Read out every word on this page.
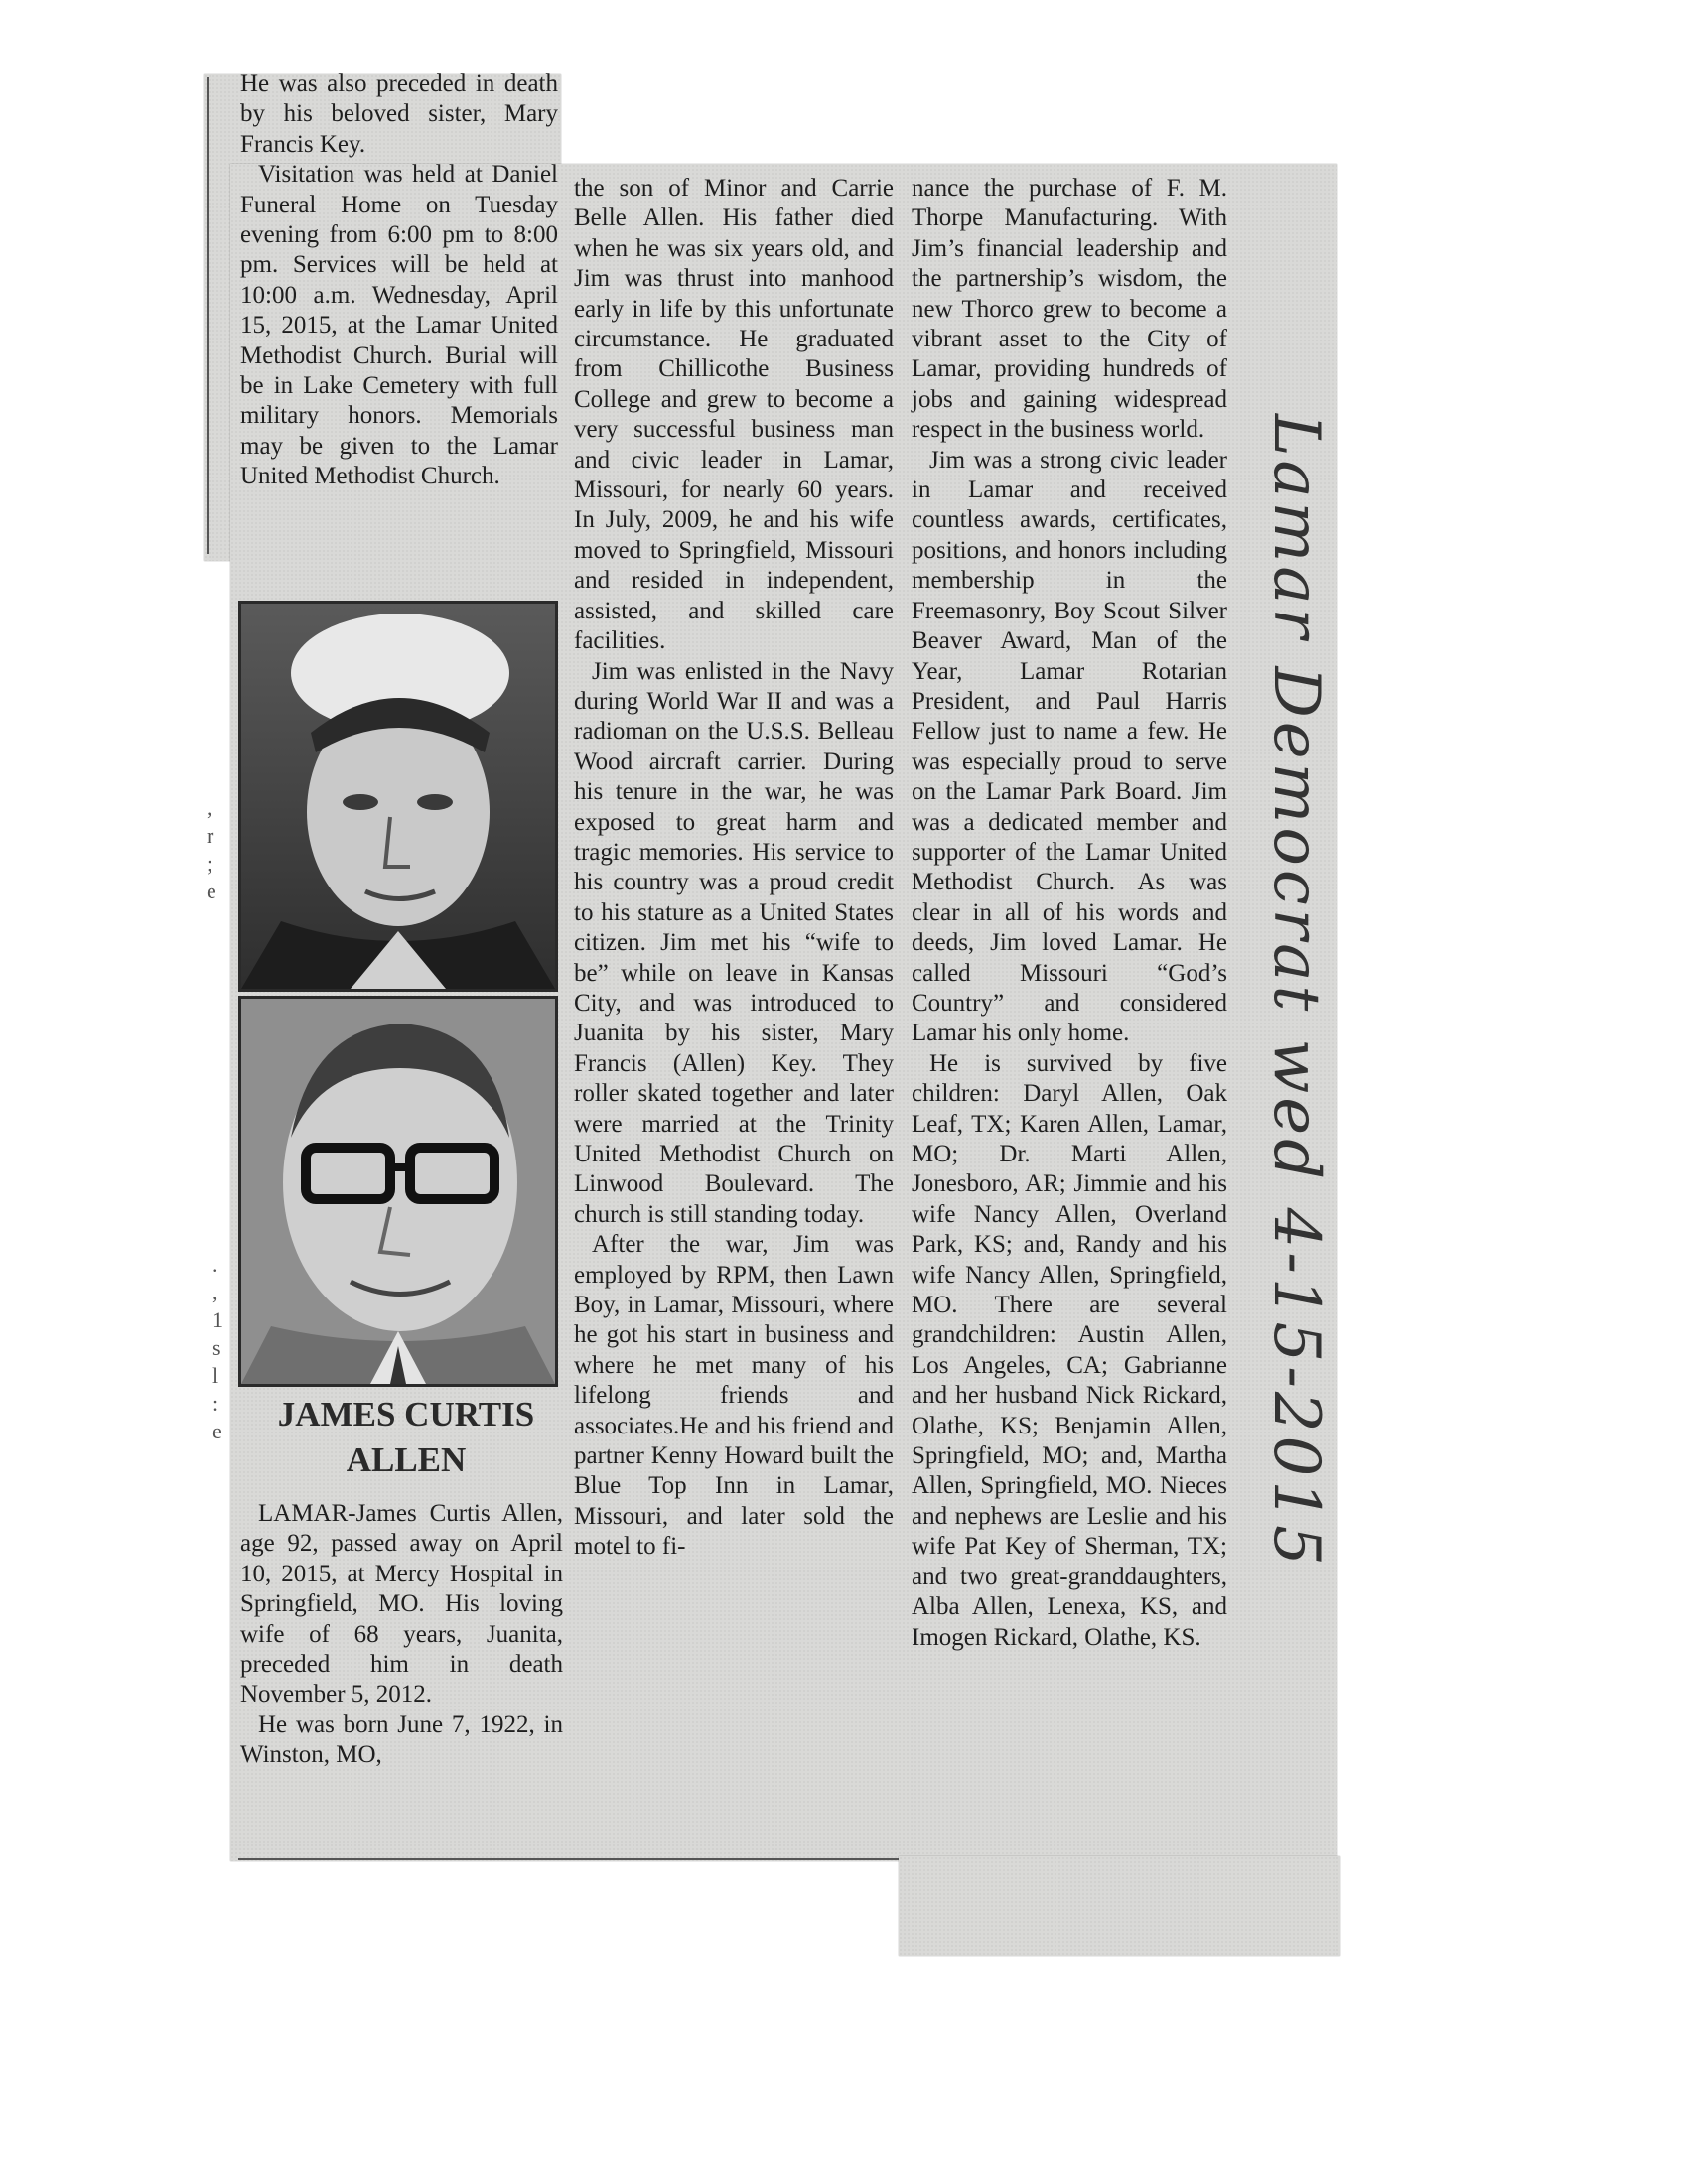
He was also preceded in death by his beloved sister, Mary Francis Key.

Visitation was held at Daniel Funeral Home on Tuesday evening from 6:00 pm to 8:00 pm. Services will be held at 10:00 a.m. Wednesday, April 15, 2015, at the Lamar United Methodist Church. Burial will be in Lake Cemetery with full military honors. Memorials may be given to the Lamar United Methodist Church.

JAMES CURTIS
ALLEN

LAMAR-James Curtis Allen, age 92, passed away on April 10, 2015, at Mercy Hospital in Springfield, MO. His loving wife of 68 years, Juanita, preceded him in death November 5, 2012.

He was born June 7, 1922, in Winston, MO,

the son of Minor and Carrie Belle Allen. His father died when he was six years old, and Jim was thrust into manhood early in life by this unfortunate circumstance. He graduated from Chillicothe Business College and grew to become a very successful business man and civic leader in Lamar, Missouri, for nearly 60 years. In July, 2009, he and his wife moved to Springfield, Missouri and resided in independent, assisted, and skilled care facilities.

Jim was enlisted in the Navy during World War II and was a radioman on the U.S.S. Belleau Wood aircraft carrier. During his tenure in the war, he was exposed to great harm and tragic memories. His service to his country was a proud credit to his stature as a United States citizen. Jim met his “wife to be” while on leave in Kansas City, and was introduced to Juanita by his sister, Mary Francis (Allen) Key. They roller skated together and later were married at the Trinity United Methodist Church on Linwood Boulevard. The church is still standing today.

After the war, Jim was employed by RPM, then Lawn Boy, in Lamar, Missouri, where he got his start in business and where he met many of his lifelong friends and associates.He and his friend and partner Kenny Howard built the Blue Top Inn in Lamar, Missouri, and later sold the motel to fi-

nance the purchase of F. M. Thorpe Manufacturing. With Jim’s financial leadership and the partnership’s wisdom, the new Thorco grew to become a vibrant asset to the City of Lamar, providing hundreds of jobs and gaining widespread respect in the business world.

Jim was a strong civic leader in Lamar and received countless awards, certificates, positions, and honors including membership in the Freemasonry, Boy Scout Silver Beaver Award, Man of the Year, Lamar Rotarian President, and Paul Harris Fellow just to name a few. He was especially proud to serve on the Lamar Park Board. Jim was a dedicated member and supporter of the Lamar United Methodist Church. As was clear in all of his words and deeds, Jim loved Lamar. He called Missouri “God’s Country” and considered Lamar his only home.

He is survived by five children: Daryl Allen, Oak Leaf, TX; Karen Allen, Lamar, MO; Dr. Marti Allen, Jonesboro, AR; Jimmie and his wife Nancy Allen, Overland Park, KS; and, Randy and his wife Nancy Allen, Springfield, MO. There are several grandchildren: Austin Allen, Los Angeles, CA; Gabrianne and her husband Nick Rickard, Olathe, KS; Benjamin Allen, Springfield, MO; and, Martha Allen, Springfield, MO. Nieces and nephews are Leslie and his wife Pat Key of Sherman, TX; and two great-granddaughters, Alba Allen, Lenexa, KS, and Imogen Rickard, Olathe, KS.

Lamar Democrat wed 4-15-2015
,
r
;
e
.
,
1
s
l
:
e
